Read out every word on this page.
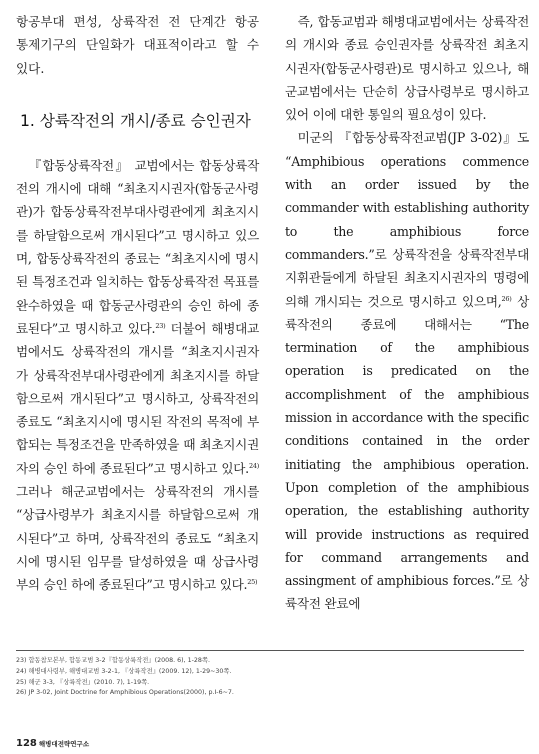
항공부대 편성, 상륙작전 전 단계간 항공

통제기구의 단일화가 대표적이라고 할 수

있다.

1. 상륙작전의 개시/종료 승인권자

『합동상륙작전』 교범에서는 합동상륙작전의 개시에 대해 “최초지시권자(합동군사령관)가 합동상륙작전부대사령관에게 최초지시를 하달함으로써 개시된다”고 명시하고 있으며, 합동상륙작전의 종료는 “최초지시에 명시된 특정조건과 일치하는 합동상륙작전 목표를 완수하였을 때 합동군사령관의 승인 하에 종료된다”고 명시하고 있다.$^{23)}$ 더불어 해병대교범에서도 상륙작전의 개시를 “최초지시권자가 상륙작전부대사령관에게 최초지시를 하달함으로써 개시된다”고 명시하고, 상륙작전의 종료도 “최초지시에 명시된 작전의 목적에 부합되는 특정조건을 만족하였을 때 최초지시권자의 승인 하에 종료된다”고 명시하고 있다.$^{24)}$ 그러나 해군교범에서는 상륙작전의 개시를 “상급사령부가 최초지시를 하달함으로써 개시된다”고 하며, 상륙작전의 종료도 “최초지시에 명시된 임무를 달성하였을 때 상급사령부의 승인 하에 종료된다”고 명시하고 있다.$^{25)}$

즉, 합동교범과 해병대교범에서는 상륙작전의 개시와 종료 승인권자를 상륙작전 최초지시권자(합동군사령관)로 명시하고 있으나, 해군교범에서는 단순히 상급사령부로 명시하고 있어 이에 대한 통일의 필요성이 있다.

미군의 『합동상륙작전교범(JP 3-02)』도 “Amphibious operations commence with an order issued by the commander with establishing authority to the amphibious force commanders.”로 상륙작전을 상륙작전부대 지휘관들에게 하달된 최초지시권자의 명령에 의해 개시되는 것으로 명시하고 있으며,$^{26)}$ 상륙작전의 종료에 대해서는 “The termination of the amphibious operation is predicated on the accomplishment of the amphibious mission in accordance with the specific conditions contained in the order initiating the amphibious operation. Upon completion of the amphibious operation, the establishing authority will provide instructions as required for command arrangements and assingment of amphibious forces.”로 상륙작전 완료에

23) 합동참모본부, 합동교범 3-2『합동상륙작전』(2008. 6), 1-28쪽.
24) 해병대사령부, 해병대교범 3-2-1, 『상륙작전』(2009. 12), 1-29~30쪽.
25) 해군 3-3, 『상륙작전』(2010. 7), 1-19쪽.
26) JP 3-02, Joint Doctrine for Amphibious Operations(2000), p.I-6~7.
128 해병대전략연구소
